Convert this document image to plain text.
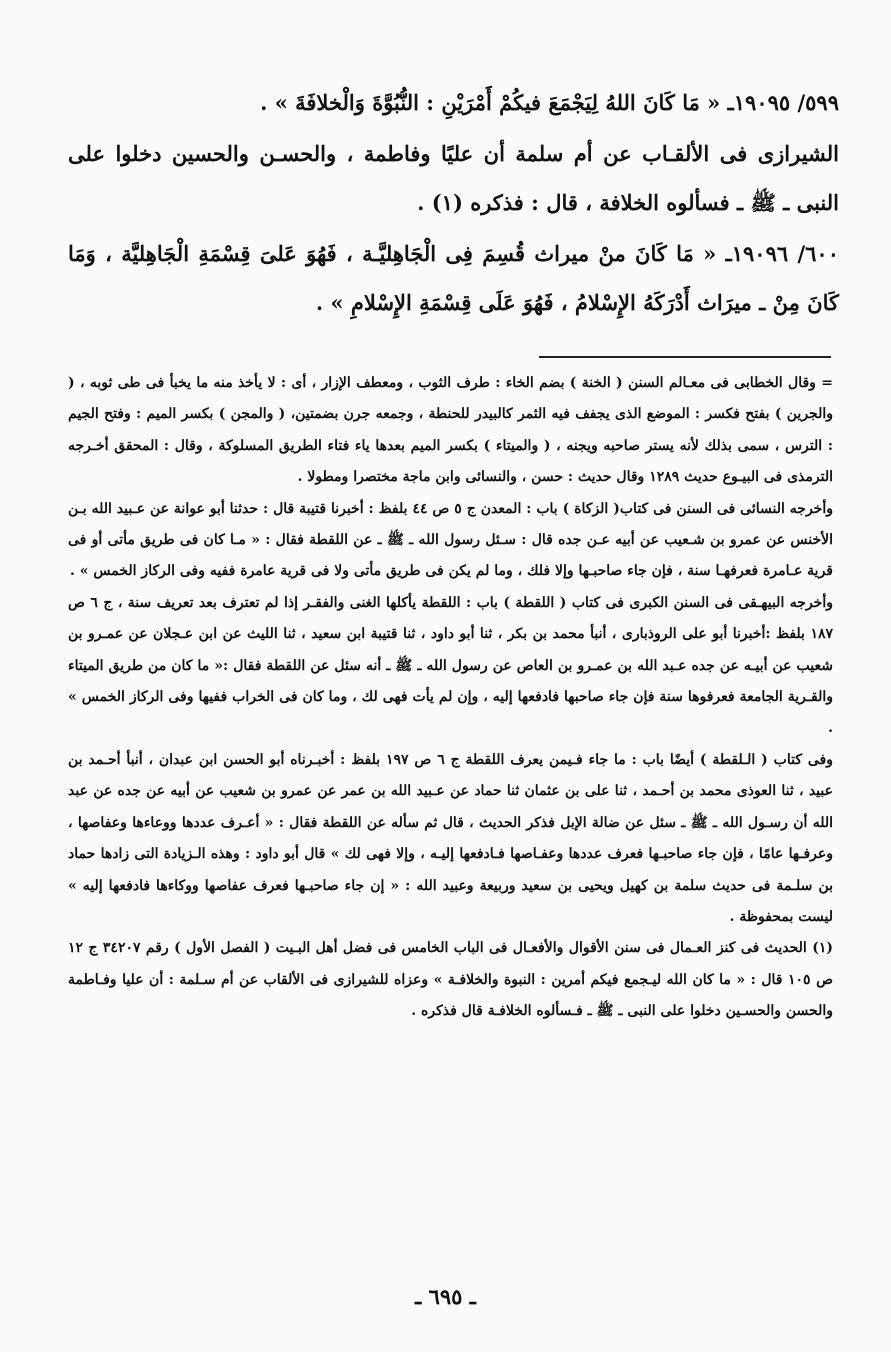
٥٩٩/ ١٩٠٩٥ـ « مَا كَانَ اللهُ لِيَجْمَعَ فيكُمْ أَمْرَيْنِ : النُّبُوَّةَ وَالْخلافَةَ » .

الشيرازى فى الألقـاب عن أم سلمة أن عليًا وفاطمة ، والحسـن والحسين دخلوا على النبى ـ ﷺ ـ فسألوه الخلافة ، قال : فذكره (١) .

٦٠٠/ ١٩٠٩٦ـ « مَا كَانَ منْ ميراث قُسِمَ فِى الْجَاهِليَّـة ، فَهُوَ عَلىَ قِسْمَةِ الْجَاهِليَّة ، وَمَا كَانَ مِنْ ـ ميرَاث أَدْرَكَهُ الإِسْلامُ ، فَهُوَ عَلَى قِسْمَةِ الإِسْلامِ » .

= وقال الخطابى فى معـالم السنن ( الخنة ) بضم الخاء : طرف الثوب ، ومعطف الإزار ، أى : لا يأخذ منه ما يخبأ فى طى ثوبه ، ( والجرين ) بفتح فكسر : الموضع الذى يجفف فيه الثمر كالبيدر للحنطة ، وجمعه جرن بضمتين، ( والمجن ) بكسر الميم : وفتح الجيم : الترس ، سمى بذلك لأنه يستر صاحبه ويجنه ، ( والميتاء ) بكسر الميم بعدها ياء فتاء الطريق المسلوكة ، وقال : المحقق أخـرجه الترمذى فى البيـوع حديث ١٢٨٩ وقال حديث : حسن ، والنسائى وابن ماجة مختصرا ومطولا .

وأخرجه النسائى فى السنن فى كتاب( الزكاة ) باب : المعدن ج ٥ ص ٤٤ بلفظ : أخبرنا قتيبة قال : حدثنا أبو عوانة عن عـبيد الله بـن الأخنس عن عمرو بن شـعيب عن أبيه عـن جده قال : سـئل رسول الله ـ ﷺ ـ عن اللقطة فقال : « مـا كان فى طريق مأتى أو فى قرية عـامرة فعرفهـا سنة ، فإن جاء صاحبـها وإلا فلك ، وما لم يكن فى طريق مأتى ولا فى قرية عامرة ففيه وفى الركاز الخمس » .

وأخرجه البيهـقى فى السنن الكبرى فى كتاب ( اللقطة ) باب : اللقطة يأكلها الغنى والفقـر إذا لم تعترف بعد تعريف سنة ، ج ٦ ص ١٨٧ بلفظ :أخبرنا أبو على الروذبارى ، أنبأ محمد بن بكر ، ثنا أبو داود ، ثنا قتيبة ابن سعيد ، ثنا الليث عن ابن عـجلان عن عمـرو بن شعيب عن أبيـه عن جده عـبد الله بن عمـرو بن العاص عن رسول الله ـ ﷺ ـ أنه سئل عن اللقطة فقال :« ما كان من طريق الميتاء والقـرية الجامعة فعرفوها سنة فإن جاء صاحبها فادفعها إليه ، وإن لم يأت فهى لك ، وما كان فى الخراب ففيها وفى الركاز الخمس » .

وفى كتاب ( الـلقطة ) أيضًا باب : ما جاء فـيمن يعرف اللقطة ج ٦ ص ١٩٧ بلفظ : أخبـرناه أبو الحسن ابن عبدان ، أنبأ أحـمد بن عبيد ، ثنا العوذى محمد بن أحـمد ، ثنا على بن عثمان ثنا حماد عن عـبيد الله بن عمر عن عمرو بن شعيب عن أبيه عن جده عن عبد الله أن رسـول الله ـ ﷺ ـ سئل عن ضالة الإبل فذكر الحديث ، قال ثم سأله عن اللقطة فقال : « أعـرف عددها ووعاءها وعفاصها ، وعرفـها عامًا ، فإن جاء صاحبـها فعرف عددها وعفـاصها فـادفعها إليـه ، وإلا فهى لك » قال أبو داود : وهذه الـزيادة التى زادها حماد بن سلـمة فى حديث سلمة بن كهيل ويحيى بن سعيد وربيعة وعبيد الله : « إن جاء صاحبـها فعرف عفاصها ووكاءها فادفعها إليه » ليست بمحفوظة .

(١) الحديث فى كنز العـمال فى سنن الأقوال والأفعـال فى الباب الخامس فى فضل أهل البـيت ( الفصل الأول ) رقم ٣٤٢٠٧ ج ١٢ ص ١٠٥ قال : « ما كان الله ليـجمع فيكم أمرين : النبوة والخلافـة » وعزاه للشيرازى فى الألقاب عن أم سـلمة : أن عليا وفـاطمة والحسن والحسـين دخلوا على النبى ـ ﷺ ـ فـسألوه الخلافـة قال فذكره .

ـ ٦٩٥ ـ
